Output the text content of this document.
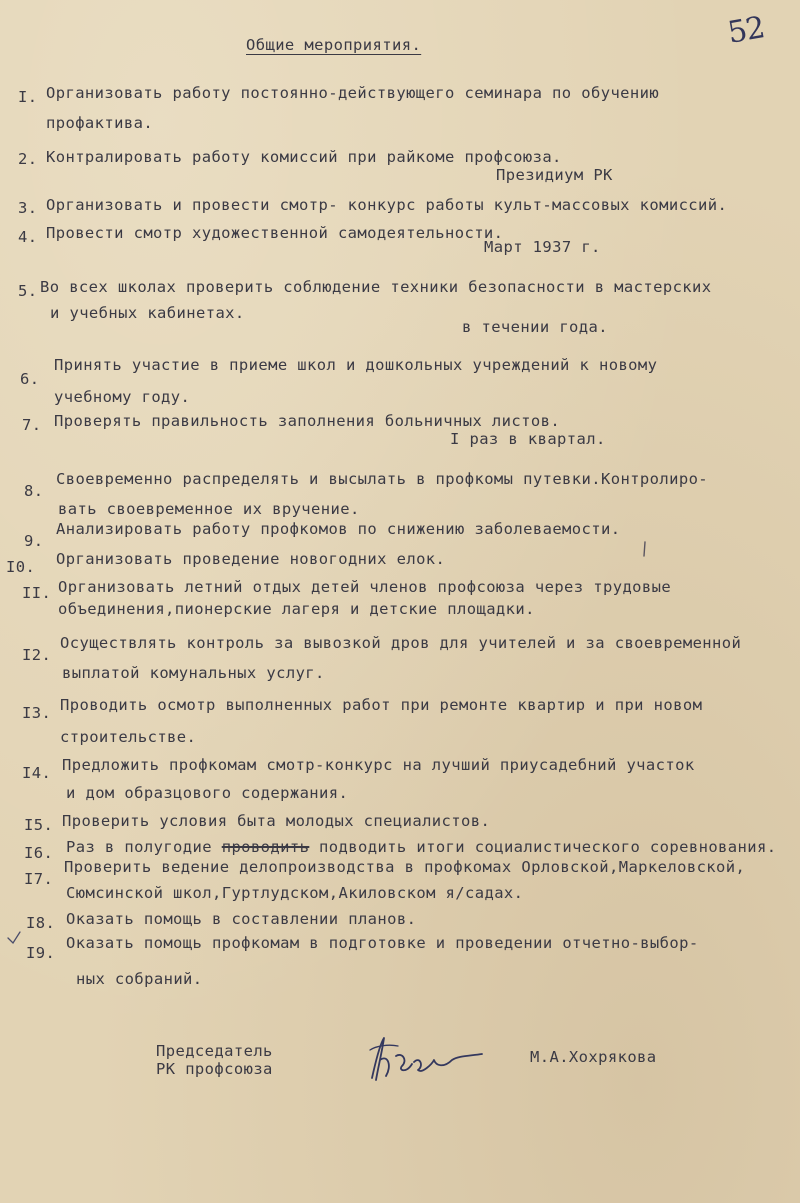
Общие мероприятия.	52
I. Организовать работу постоянно-действующего семинара по обучению
профактива.
2. Контралировать работу комиссий при райкоме профсоюза.
Президиум РК
3. Организовать и провести смотр- конкурс работы культ-массовых комиссий.
4. Провести смотр художественной самодеятельности.
Март 1937 г.
5. Во всех школах проверить соблюдение техники безопасности в мастерских
и учебных кабинетах.
в течении года.
6.
Принять участие в приеме школ и дошкольных учреждений к новому
учебному году.
7. Проверять правильность заполнения больничных листов.
I раз в квартал.
8.
Своевременно распределять и высылать в профкомы путевки.Контролиро-
вать своевременное их вручение.
9.
Анализировать работу профкомов по снижению заболеваемости.
I0. Организовать проведение новогодних елок.
II. Организовать летний отдых детей членов профсоюза через трудовые
объединения,пионерские лагеря и детские площадки.
I2.
Осуществлять контроль за вывозкой дров для учителей и за своевременной
выплатой комунальных услуг.
I3. Проводить осмотр выполненных работ при ремонте квартир и при новом
строительстве.
I4. Предложить профкомам смотр-конкурс на лучший приусадебний участок
и дом образцового содержания.
I5. Проверить условия быта молодых специалистов.
I6. Раз в полугодие проводить подводить итоги социалистического соревнования.
I7.
Проверить ведение делопроизводства в профкомах Орловской,Маркеловской,
Сюмсинской школ,Гуртлудском,Акиловском я/садах.
I8. Оказать помощь в составлении планов.
I9.
Оказать помощь профкомам в подготовке и проведении отчетно-выбор-
ных собраний.
Председатель
РК профсоюза
М.А.Хохрякова
